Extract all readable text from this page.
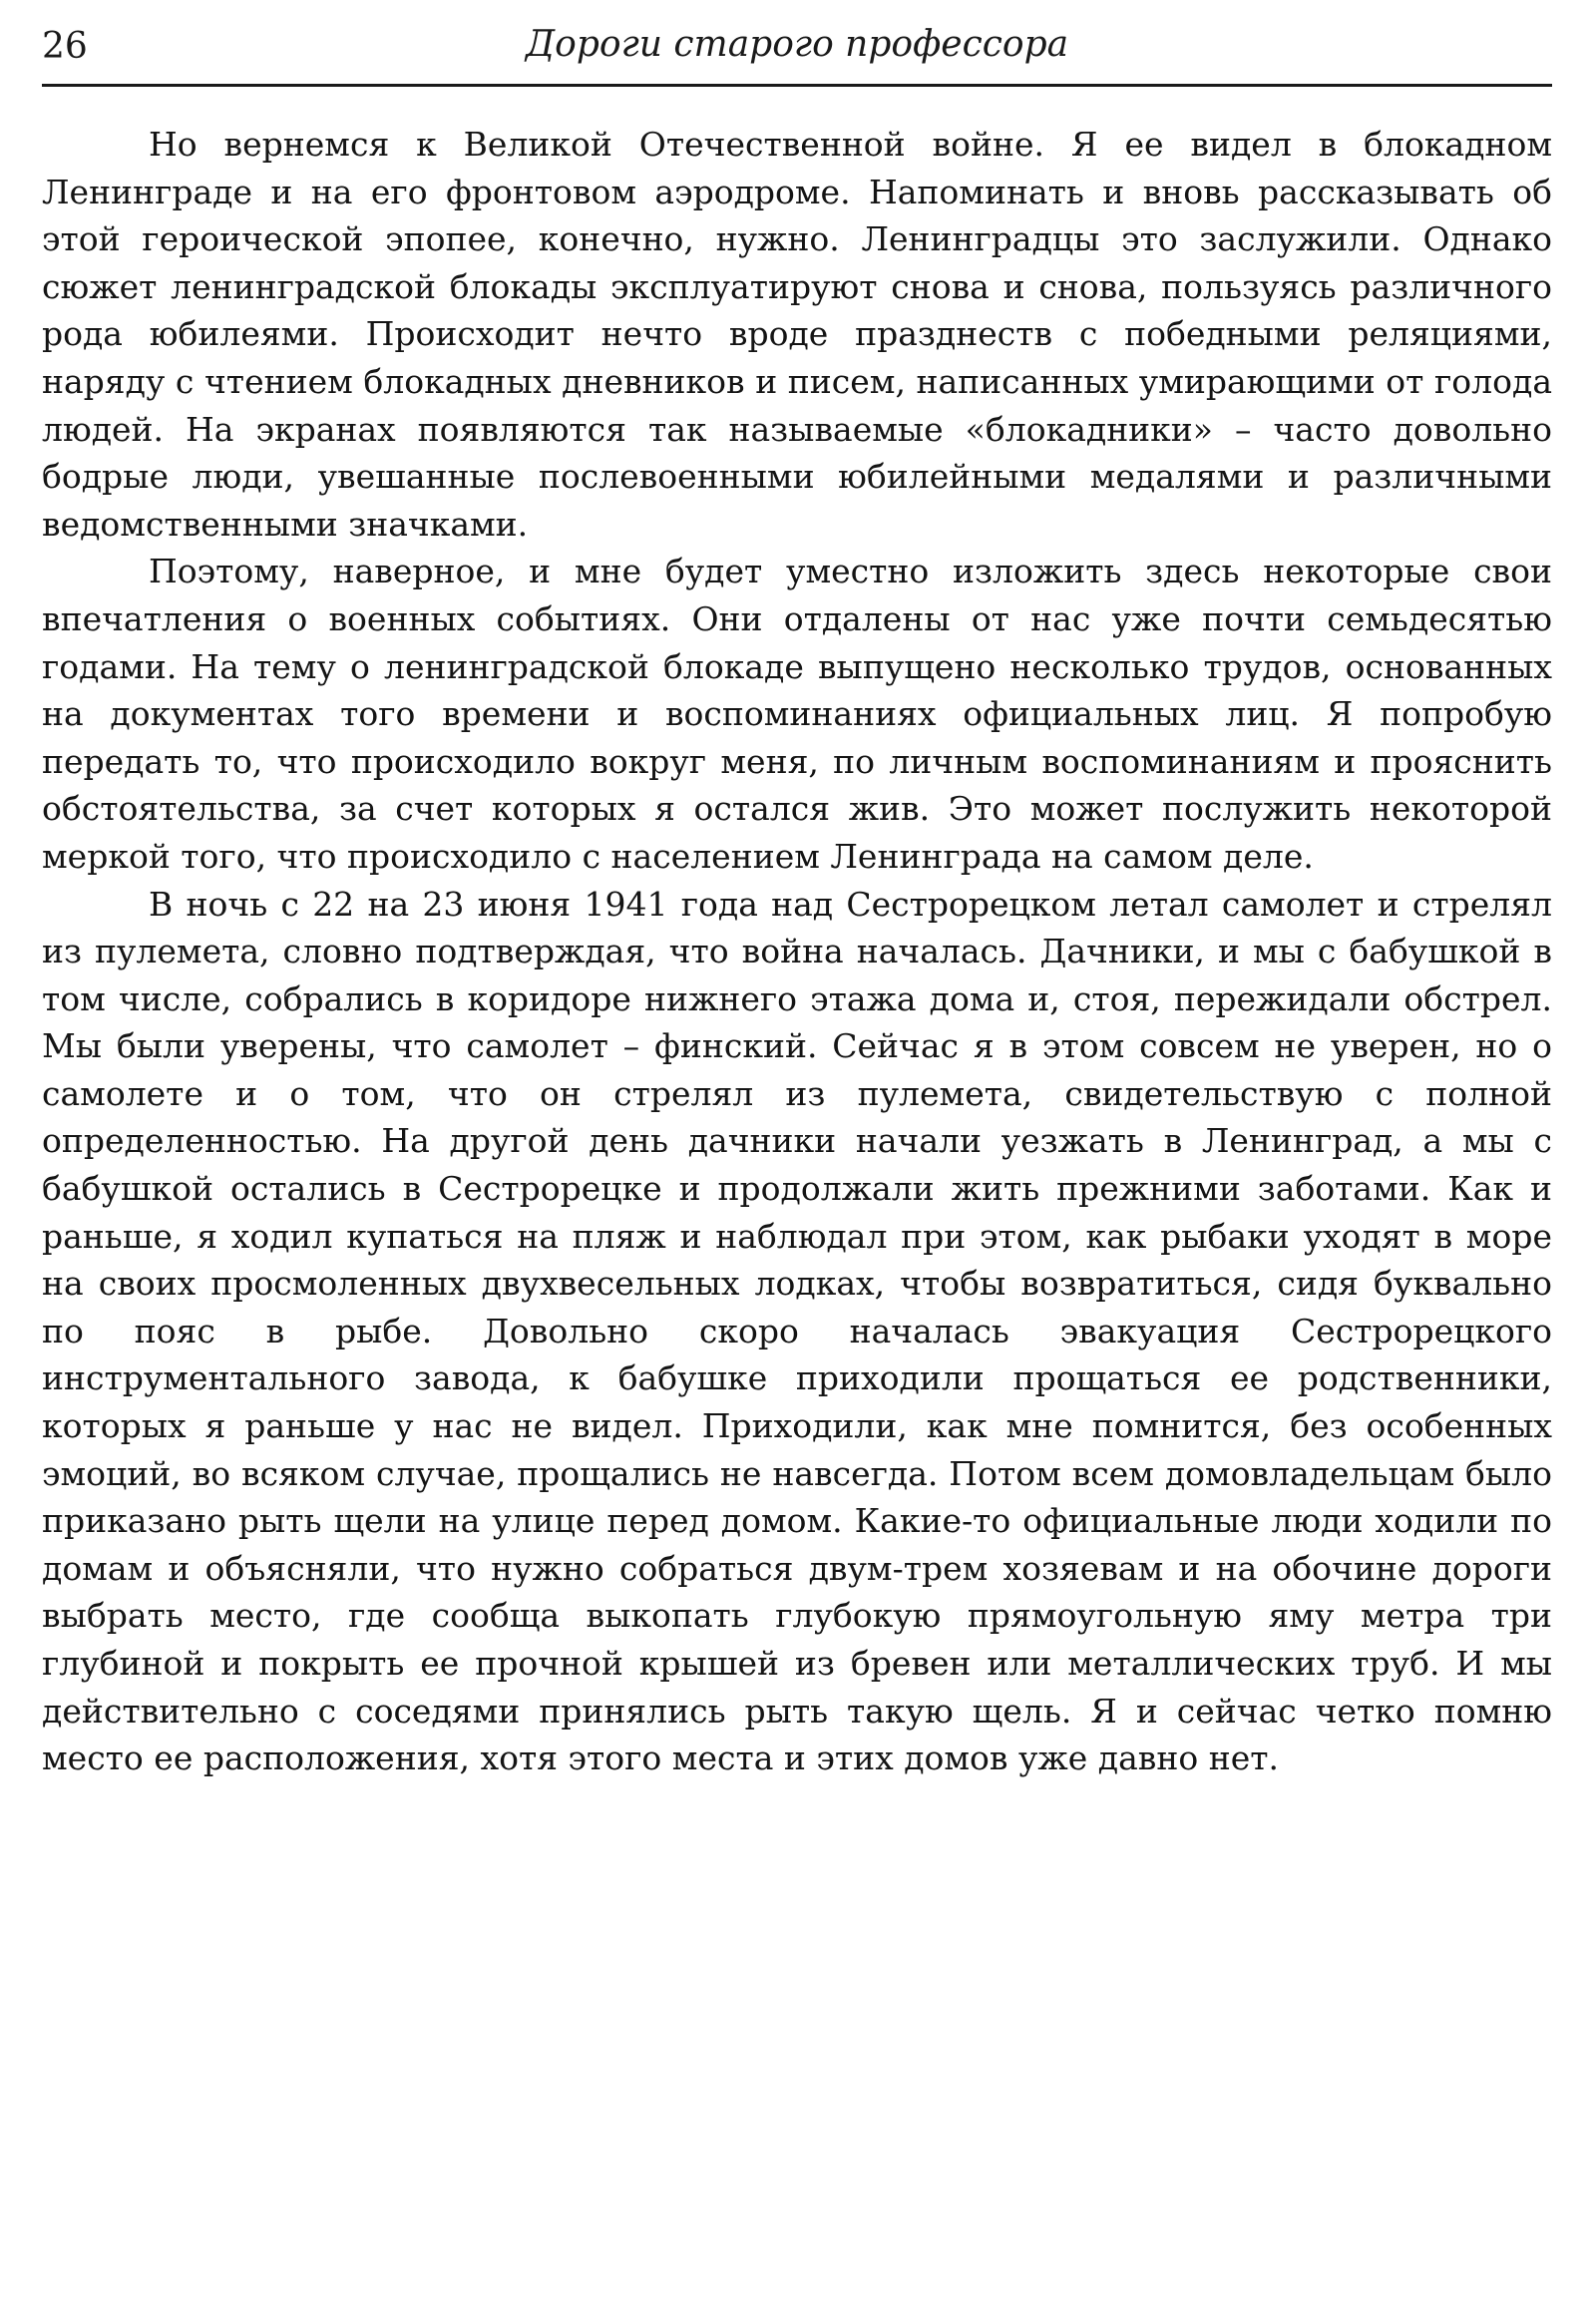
26	Дороги старого профессора

Но вернемся к Великой Отечественной войне. Я ее видел в блокадном Ленинграде и на его фронтовом аэродроме. Напоминать и вновь рассказывать об этой героической эпопее, конечно, нужно. Ленинградцы это заслужили. Однако сюжет ленинградской блокады эксплуатируют снова и снова, пользуясь различного рода юбилеями. Происходит нечто вроде празднеств с победными реляциями, наряду с чтением блокадных дневников и писем, написанных умирающими от голода людей. На экранах появляются так называемые «блокадники» – часто довольно бодрые люди, увешанные послевоенными юбилейными медалями и различными ведомственными значками.

Поэтому, наверное, и мне будет уместно изложить здесь некоторые свои впечатления о военных событиях. Они отдалены от нас уже почти семьдесятью годами. На тему о ленинградской блокаде выпущено несколько трудов, основанных на документах того времени и воспоминаниях официальных лиц. Я попробую передать то, что происходило вокруг меня, по личным воспоминаниям и прояснить обстоятельства, за счет которых я остался жив. Это может послужить некоторой меркой того, что происходило с населением Ленинграда на самом деле.

В ночь с 22 на 23 июня 1941 года над Сестрорецком летал самолет и стрелял из пулемета, словно подтверждая, что война началась. Дачники, и мы с бабушкой в том числе, собрались в коридоре нижнего этажа дома и, стоя, пережидали обстрел. Мы были уверены, что самолет – финский. Сейчас я в этом совсем не уверен, но о самолете и о том, что он стрелял из пулемета, свидетельствую с полной определенностью. На другой день дачники начали уезжать в Ленинград, а мы с бабушкой остались в Сестрорецке и продолжали жить прежними заботами. Как и раньше, я ходил купаться на пляж и наблюдал при этом, как рыбаки уходят в море на своих просмоленных двухвесельных лодках, чтобы возвратиться, сидя буквально по пояс в рыбе. Довольно скоро началась эвакуация Сестрорецкого инструментального завода, к бабушке приходили прощаться ее родственники, которых я раньше у нас не видел. Приходили, как мне помнится, без особенных эмоций, во всяком случае, прощались не навсегда. Потом всем домовладельцам было приказано рыть щели на улице перед домом. Какие-то официальные люди ходили по домам и объясняли, что нужно собраться двум-трем хозяевам и на обочине дороги выбрать место, где сообща выкопать глубокую прямоугольную яму метра три глубиной и покрыть ее прочной крышей из бревен или металлических труб. И мы действительно с соседями принялись рыть такую щель. Я и сейчас четко помню место ее расположения, хотя этого места и этих домов уже давно нет.
